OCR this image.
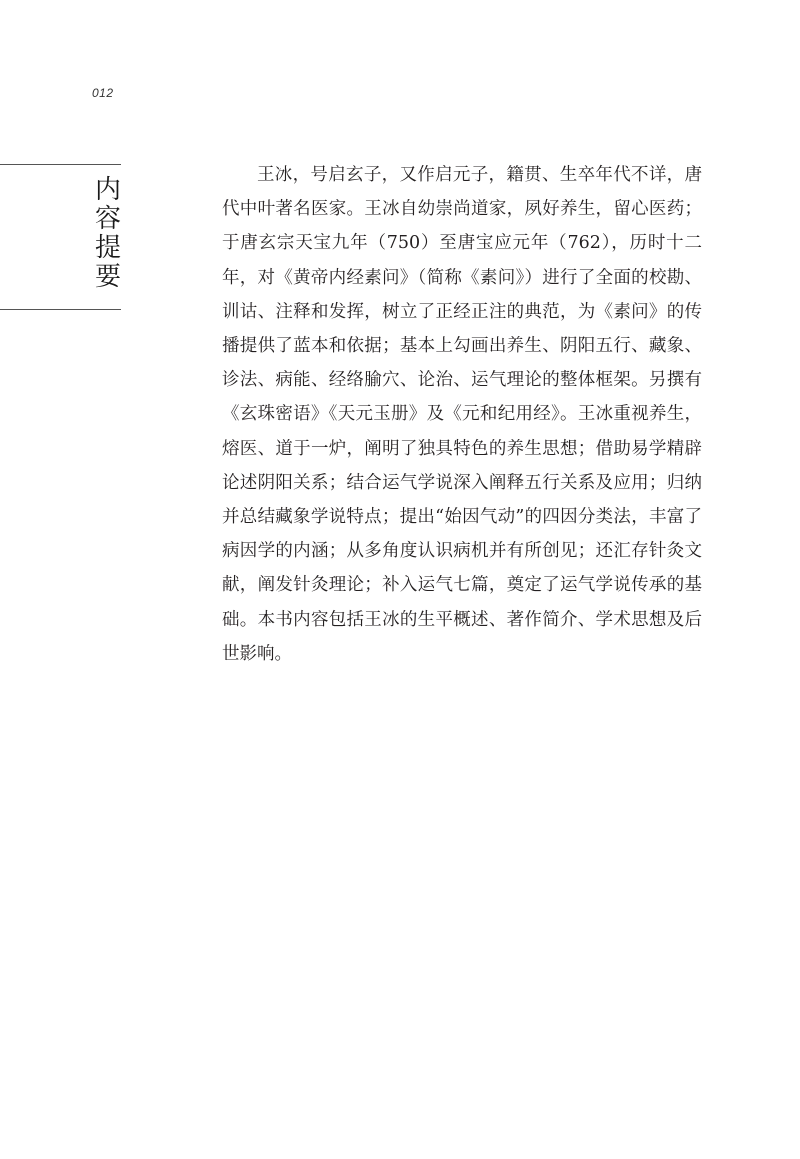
012
内
容
提
要

王冰，号启玄子，又作启元子，籍贯、生卒年代不详，唐代中叶著名医家。王冰自幼崇尚道家，夙好养生，留心医药；于唐玄宗天宝九年（750）至唐宝应元年（762），历时十二年，对《黄帝内经素问》（简称《素问》）进行了全面的校勘、训诂、注释和发挥，树立了正经正注的典范，为《素问》的传播提供了蓝本和依据；基本上勾画出养生、阴阳五行、藏象、诊法、病能、经络腧穴、论治、运气理论的整体框架。另撰有《玄珠密语》《天元玉册》及《元和纪用经》。王冰重视养生，熔医、道于一炉，阐明了独具特色的养生思想；借助易学精辟论述阴阳关系；结合运气学说深入阐释五行关系及应用；归纳并总结藏象学说特点；提出“始因气动”的四因分类法，丰富了病因学的内涵；从多角度认识病机并有所创见；还汇存针灸文献，阐发针灸理论；补入运气七篇，奠定了运气学说传承的基础。本书内容包括王冰的生平概述、著作简介、学术思想及后世影响。
